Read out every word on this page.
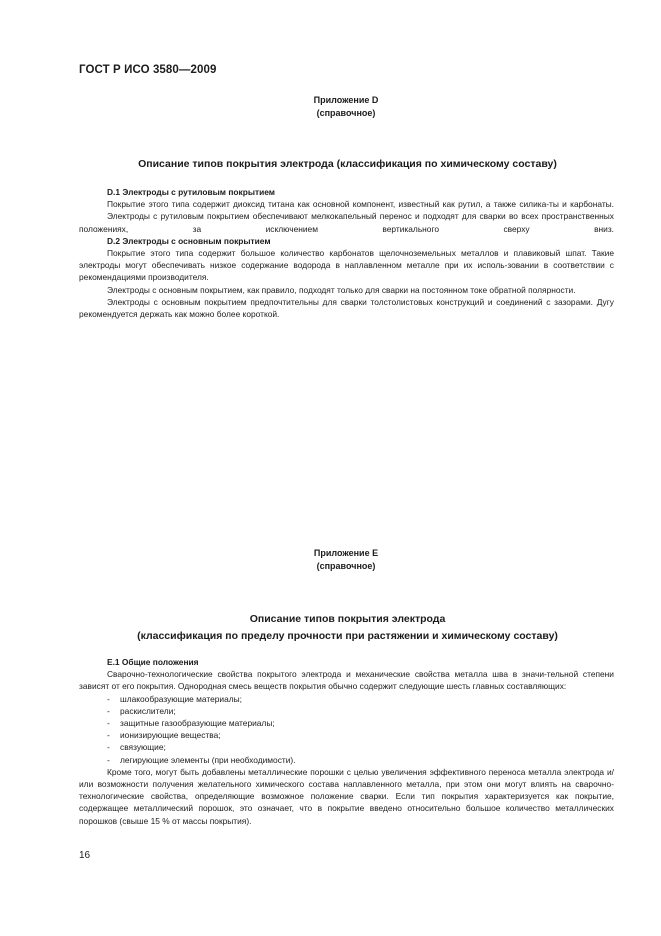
ГОСТ Р ИСО 3580—2009
Приложение D
(справочное)
Описание типов покрытия электрода (классификация по химическому составу)
D.1 Электроды с рутиловым покрытием

Покрытие этого типа содержит диоксид титана как основной компонент, известный как рутил, а также силика-ты и карбонаты.

Электроды с рутиловым покрытием обеспечивают мелкокапельный перенос и подходят для сварки во всех пространственных положениях, за исключением вертикального сверху вниз.

D.2 Электроды с основным покрытием

Покрытие этого типа содержит большое количество карбонатов щелочноземельных металлов и плавиковый шпат. Такие электроды могут обеспечивать низкое содержание водорода в наплавленном металле при их исполь-зовании в соответствии с рекомендациями производителя.

Электроды с основным покрытием, как правило, подходят только для сварки на постоянном токе обратной полярности.

Электроды с основным покрытием предпочтительны для сварки толстолистовых конструкций и соединений с зазорами. Дугу рекомендуется держать как можно более короткой.

Приложение E
(справочное)
Описание типов покрытия электрода
(классификация по пределу прочности при растяжении и химическому составу)
E.1 Общие положения

Сварочно-технологические свойства покрытого электрода и механические свойства металла шва в значи-тельной степени зависят от его покрытия. Однородная смесь веществ покрытия обычно содержит следующие шесть главных составляющих:

-	шлакообразующие материалы;
-	раскислители;
-	защитные газообразующие материалы;
-	ионизирующие вещества;
-	связующие;
-	легирующие элементы (при необходимости).

Кроме того, могут быть добавлены металлические порошки с целью увеличения эффективного переноса металла электрода и/или возможности получения желательного химического состава наплавленного металла, при этом они могут влиять на сварочно-технологические свойства, определяющие возможное положение сварки. Если тип покрытия характеризуется как покрытие, содержащее металлический порошок, это означает, что в покрытие введено относительно большое количество металлических порошков (свыше 15 % от массы покрытия).

16
